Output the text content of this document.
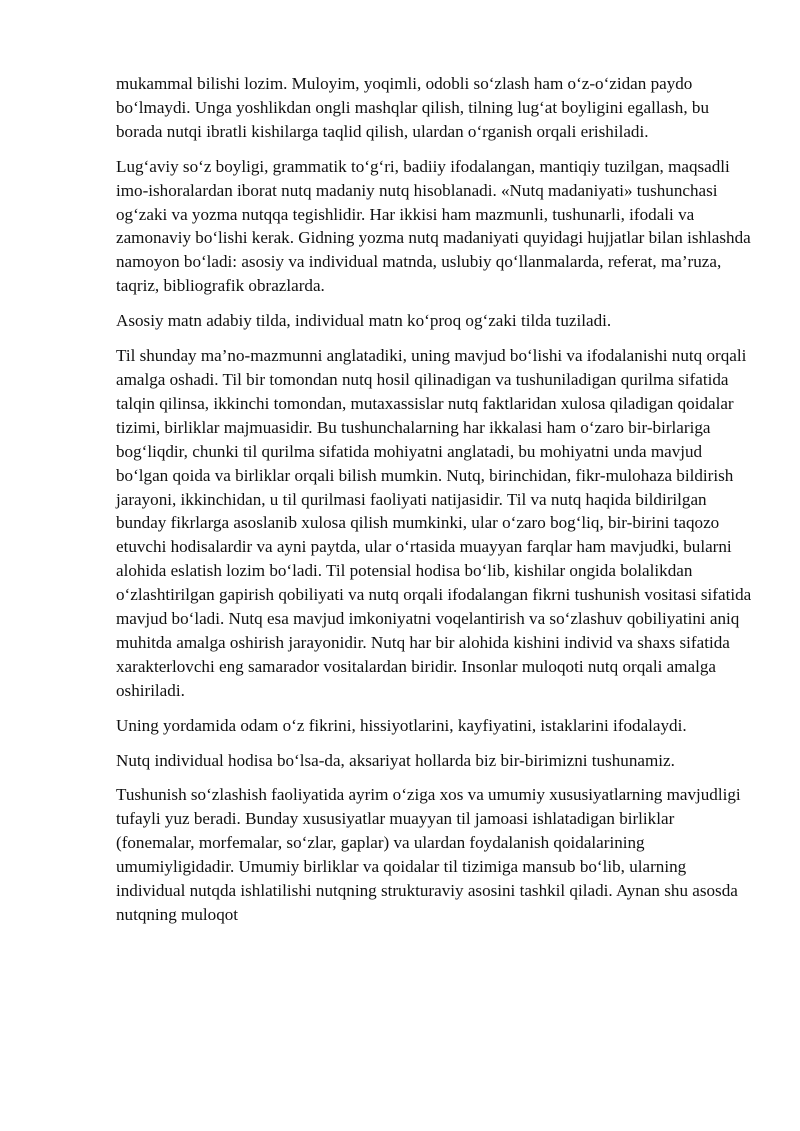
mukammal bilishi lozim. Muloyim, yoqimli, odobli so‘zlash ham o‘z-o‘zidan paydo bo‘lmaydi. Unga yoshlikdan ongli mashqlar qilish, tilning lug‘at boyligini egallash, bu borada nutqi ibratli kishilarga taqlid qilish, ulardan o‘rganish orqali erishiladi.

Lug‘aviy so‘z boyligi, grammatik to‘g‘ri, badiiy ifodalangan, mantiqiy tuzilgan, maqsadli imo-ishoralardan iborat nutq madaniy nutq hisoblanadi. «Nutq madaniyati» tushunchasi og‘zaki va yozma nutqqa tegishlidir. Har ikkisi ham mazmunli, tushunarli, ifodali va zamonaviy bo‘lishi kerak. Gidning yozma nutq madaniyati quyidagi hujjatlar bilan ishlashda namoyon bo‘ladi: asosiy va individual matnda, uslubiy qo‘llanmalarda, referat, ma’ruza, taqriz, bibliografik obrazlarda.

Asosiy matn adabiy tilda, individual matn ko‘proq og‘zaki tilda tuziladi.

Til shunday ma’no-mazmunni anglatadiki, uning mavjud bo‘lishi va ifodalanishi nutq orqali amalga oshadi. Til bir tomondan nutq hosil qilinadigan va tushuniladigan qurilma sifatida talqin qilinsa, ikkinchi tomondan, mutaxassislar nutq faktlaridan xulosa qiladigan qoidalar tizimi, birliklar majmuasidir. Bu tushunchalarning har ikkalasi ham o‘zaro bir-birlariga bog‘liqdir, chunki til qurilma sifatida mohiyatni anglatadi, bu mohiyatni unda mavjud bo‘lgan qoida va birliklar orqali bilish mumkin. Nutq, birinchidan, fikr-mulohaza bildirish jarayoni, ikkinchidan, u til qurilmasi faoliyati natijasidir. Til va nutq haqida bildirilgan bunday fikrlarga asoslanib xulosa qilish mumkinki, ular o‘zaro bog‘liq, bir-birini taqozo etuvchi hodisalardir va ayni paytda, ular o‘rtasida muayyan farqlar ham mavjudki, bularni alohida eslatish lozim bo‘ladi. Til potensial hodisa bo‘lib, kishilar ongida bolalikdan o‘zlashtirilgan gapirish qobiliyati va nutq orqali ifodalangan fikrni tushunish vositasi sifatida mavjud bo‘ladi. Nutq esa mavjud imkoniyatni voqelantirish va so‘zlashuv qobiliyatini aniq muhitda amalga oshirish jarayonidir. Nutq har bir alohida kishini individ va shaxs sifatida xarakterlovchi eng samarador vositalardan biridir. Insonlar muloqoti nutq orqali amalga oshiriladi.

Uning yordamida odam o‘z fikrini, hissiyotlarini, kayfiyatini, istaklarini ifodalaydi.

Nutq individual hodisa bo‘lsa-da, aksariyat hollarda biz bir-birimizni tushunamiz.

Tushunish so‘zlashish faoliyatida ayrim o‘ziga xos va umumiy xususiyatlarning mavjudligi tufayli yuz beradi. Bunday xususiyatlar muayyan til jamoasi ishlatadigan birliklar (fonemalar, morfemalar, so‘zlar, gaplar) va ulardan foydalanish qoidalarining umumiyligidadir. Umumiy birliklar va qoidalar til tizimiga mansub bo‘lib, ularning individual nutqda ishlatilishi nutqning strukturaviy asosini tashkil qiladi. Aynan shu asosda nutqning muloqot
